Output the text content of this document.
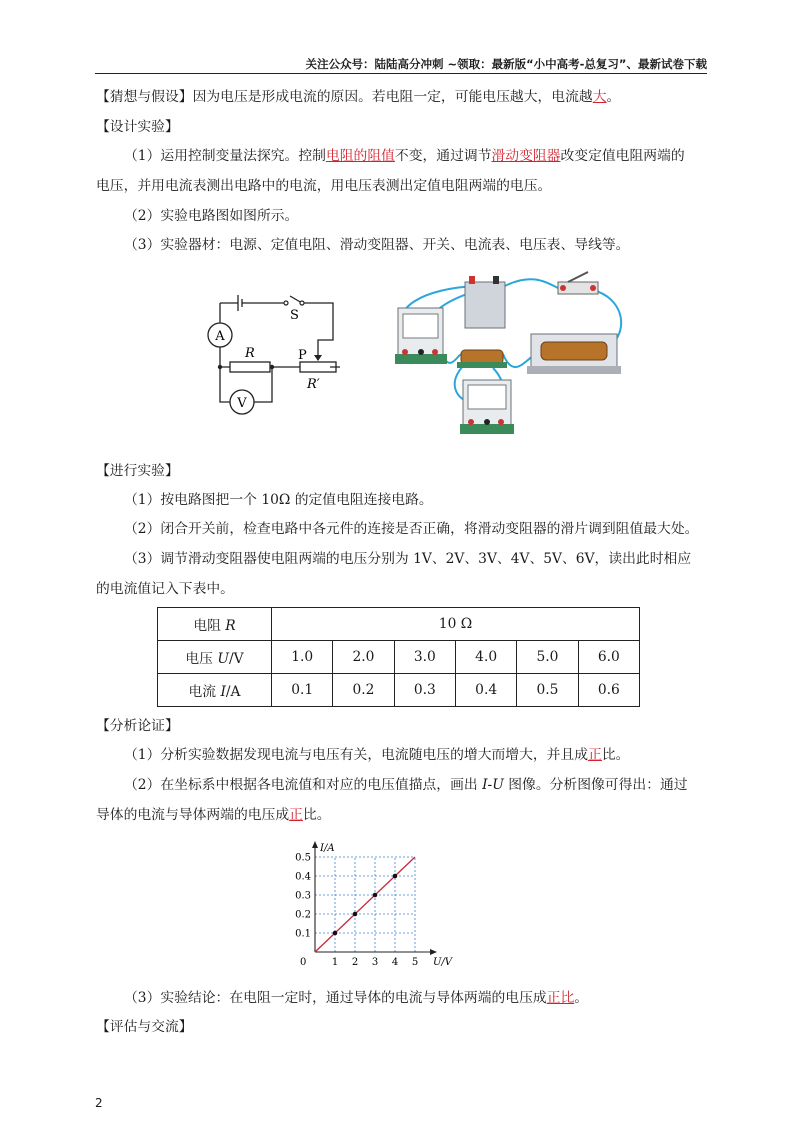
关注公众号：陆陆高分冲刺 ~领取：最新版“小中高考-总复习”、最新试卷下载
【猜想与假设】因为电压是形成电流的原因。若电阻一定，可能电压越大，电流越大。
【设计实验】
（1）运用控制变量法探究。控制电阻的阻值不变，通过调节滑动变阻器改变定值电阻两端的
电压，并用电流表测出电路中的电流，用电压表测出定值电阻两端的电压。
（2）实验电路图如图所示。
（3）实验器材：电源、定值电阻、滑动变阻器、开关、电流表、电压表、导线等。
A
V
S
R	P
R′
【进行实验】
（1）按电路图把一个 10Ω 的定值电阻连接电路。
（2）闭合开关前，检查电路中各元件的连接是否正确，将滑动变阻器的滑片调到阻值最大处。
（3）调节滑动变阻器使电阻两端的电压分别为 1V、2V、3V、4V、5V、6V，读出此时相应
的电流值记入下表中。
电阻 R	10 Ω					
电压 U/V	1.0	2.0	3.0	4.0	5.0	6.0
电流 I/A	0.1	0.2	0.3	0.4	0.5	0.6
【分析论证】
（1）分析实验数据发现电流与电压有关，电流随电压的增大而增大，并且成正比。
（2）在坐标系中根据各电流值和对应的电压值描点，画出 I-U 图像。分析图像可得出：通过
导体的电流与导体两端的电压成正比。
1 2 3 4 5
0.1
0.2
0.3
0.4
0.5
0	U/V
I/A
（3）实验结论：在电阻一定时，通过导体的电流与导体两端的电压成正比。
【评估与交流】
2
